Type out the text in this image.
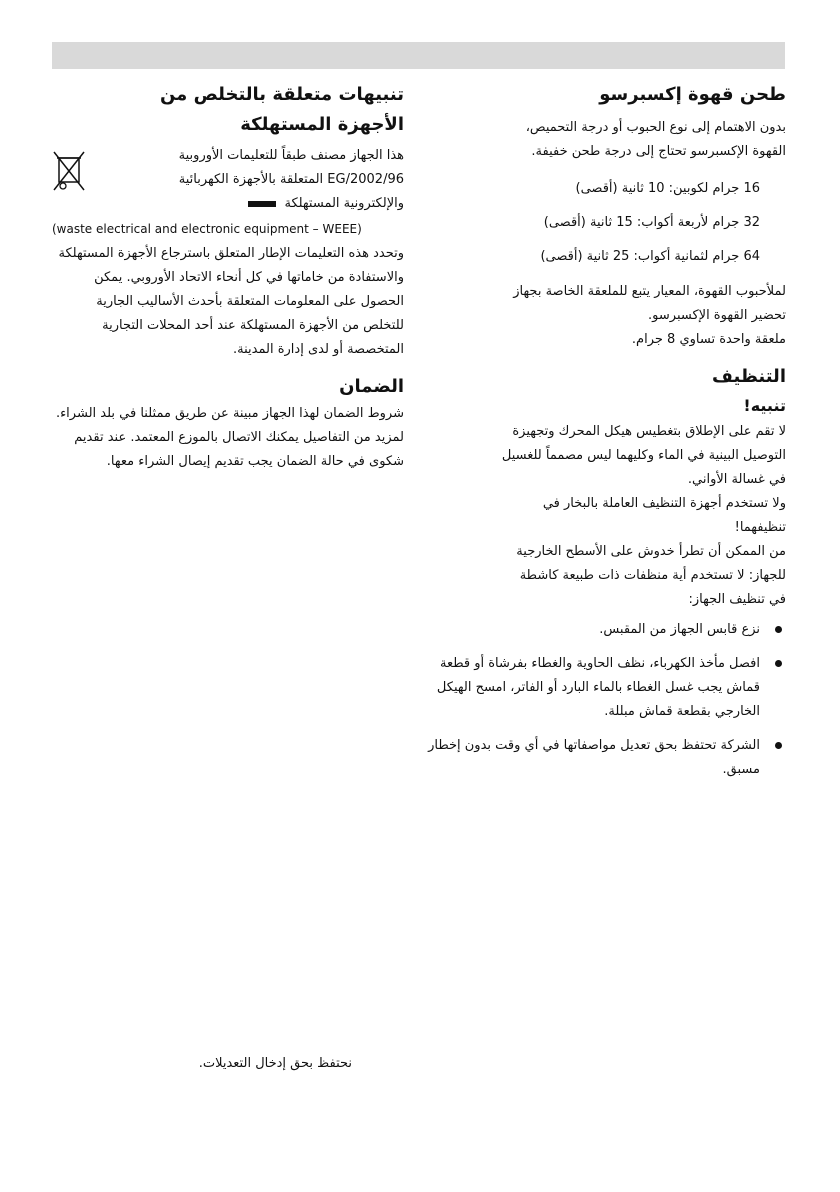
طحن قهوة إكسبرسو

بدون الاهتمام إلى نوع الحبوب أو درجة التحميص،

القهوة الإكسبرسو تحتاج إلى درجة طحن خفيفة.

16 جرام لكوبين: 10 ثانية (أقصى)
32 جرام لأربعة أكواب: 15 ثانية (أقصى)
64 جرام لثمانية أكواب: 25 ثانية (أقصى)

لملأحبوب القهوة، المعيار يتبع للملعقة الخاصة بجهاز

تحضير القهوة الإكسبرسو.

ملعقة واحدة تساوي 8 جرام.

التنظيف
تنبيه!

لا تقم على الإطلاق بتغطيس هيكل المحرك وتجهيزة

التوصيل البينية في الماء وكليهما ليس مصمماً للغسيل

في غسالة الأواني.

ولا تستخدم أجهزة التنظيف العاملة بالبخار في

تنظيفهما!

من الممكن أن تطرأ خدوش على الأسطح الخارجية

للجهاز: لا تستخدم أية منظفات ذات طبيعة كاشطة

في تنظيف الجهاز:

نزع قابس الجهاز من المقبس.
افصل مأخذ الكهرباء، نظف الحاوية والغطاء بفرشاة أو قطعة قماش يجب غسل الغطاء بالماء البارد أو الفاتر، امسح الهيكل الخارجي بقطعة قماش مبللة.
الشركة تحتفظ بحق تعديل مواصفاتها في أي وقت بدون إخطار مسبق.
تنبيهات متعلقة بالتخلص من
الأجهزة المستهلكة

هذا الجهاز مصنف طبقاً للتعليمات الأوروبية

2002/96/EG المتعلقة بالأجهزة الكهربائية

والإلكترونية المستهلكة

(waste electrical and electronic equipment – WEEE)

وتحدد هذه التعليمات الإطار المتعلق باسترجاع الأجهزة المستهلكة والاستفادة من خاماتها في كل أنحاء الاتحاد الأوروبي. يمكن الحصول على المعلومات المتعلقة بأحدث الأساليب الجارية للتخلص من الأجهزة المستهلكة عند أحد المحلات التجارية المتخصصة أو لدى إدارة المدينة.

الضمان

شروط الضمان لهذا الجهاز مبينة عن طريق ممثلنا في بلد الشراء. لمزيد من التفاصيل يمكنك الاتصال بالموزع المعتمد. عند تقديم شكوى في حالة الضمان يجب تقديم إيصال الشراء معها.

نحتفظ بحق إدخال التعديلات.
